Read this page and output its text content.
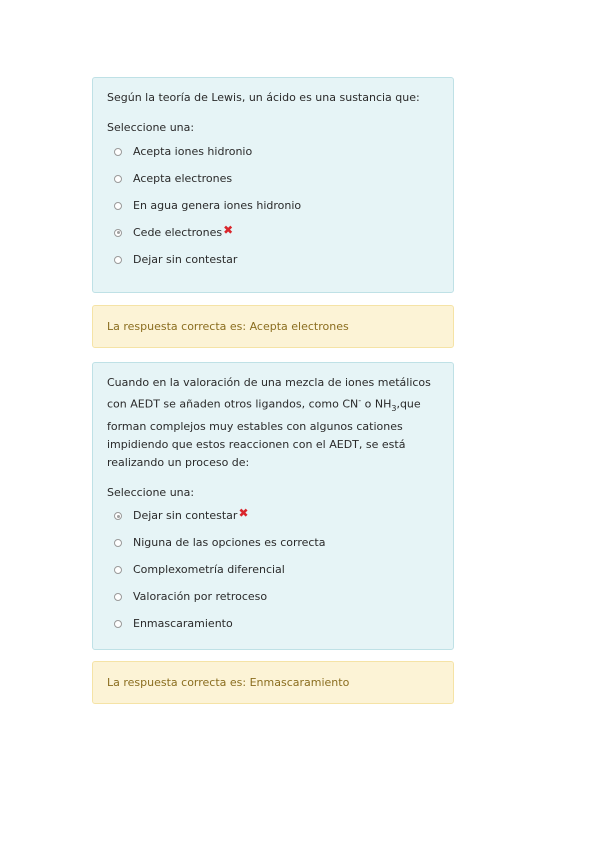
Según la teoría de Lewis, un ácido es una sustancia que:

Seleccione una:

Acepta iones hidronio
Acepta electrones
En agua genera iones hidronio
Cede electrones ✖
Dejar sin contestar
La respuesta correcta es: Acepta electrones

Cuando en la valoración de una mezcla de iones metálicos con AEDT se añaden otros ligandos, como CN- o $NH_3,que$ forman complejos muy estables con algunos cationes impidiendo que estos reaccionen con el AEDT, se está realizando un proceso de:

Seleccione una:

Dejar sin contestar ✖
Niguna de las opciones es correcta
Complexometría diferencial
Valoración por retroceso
Enmascaramiento
La respuesta correcta es: Enmascaramiento
